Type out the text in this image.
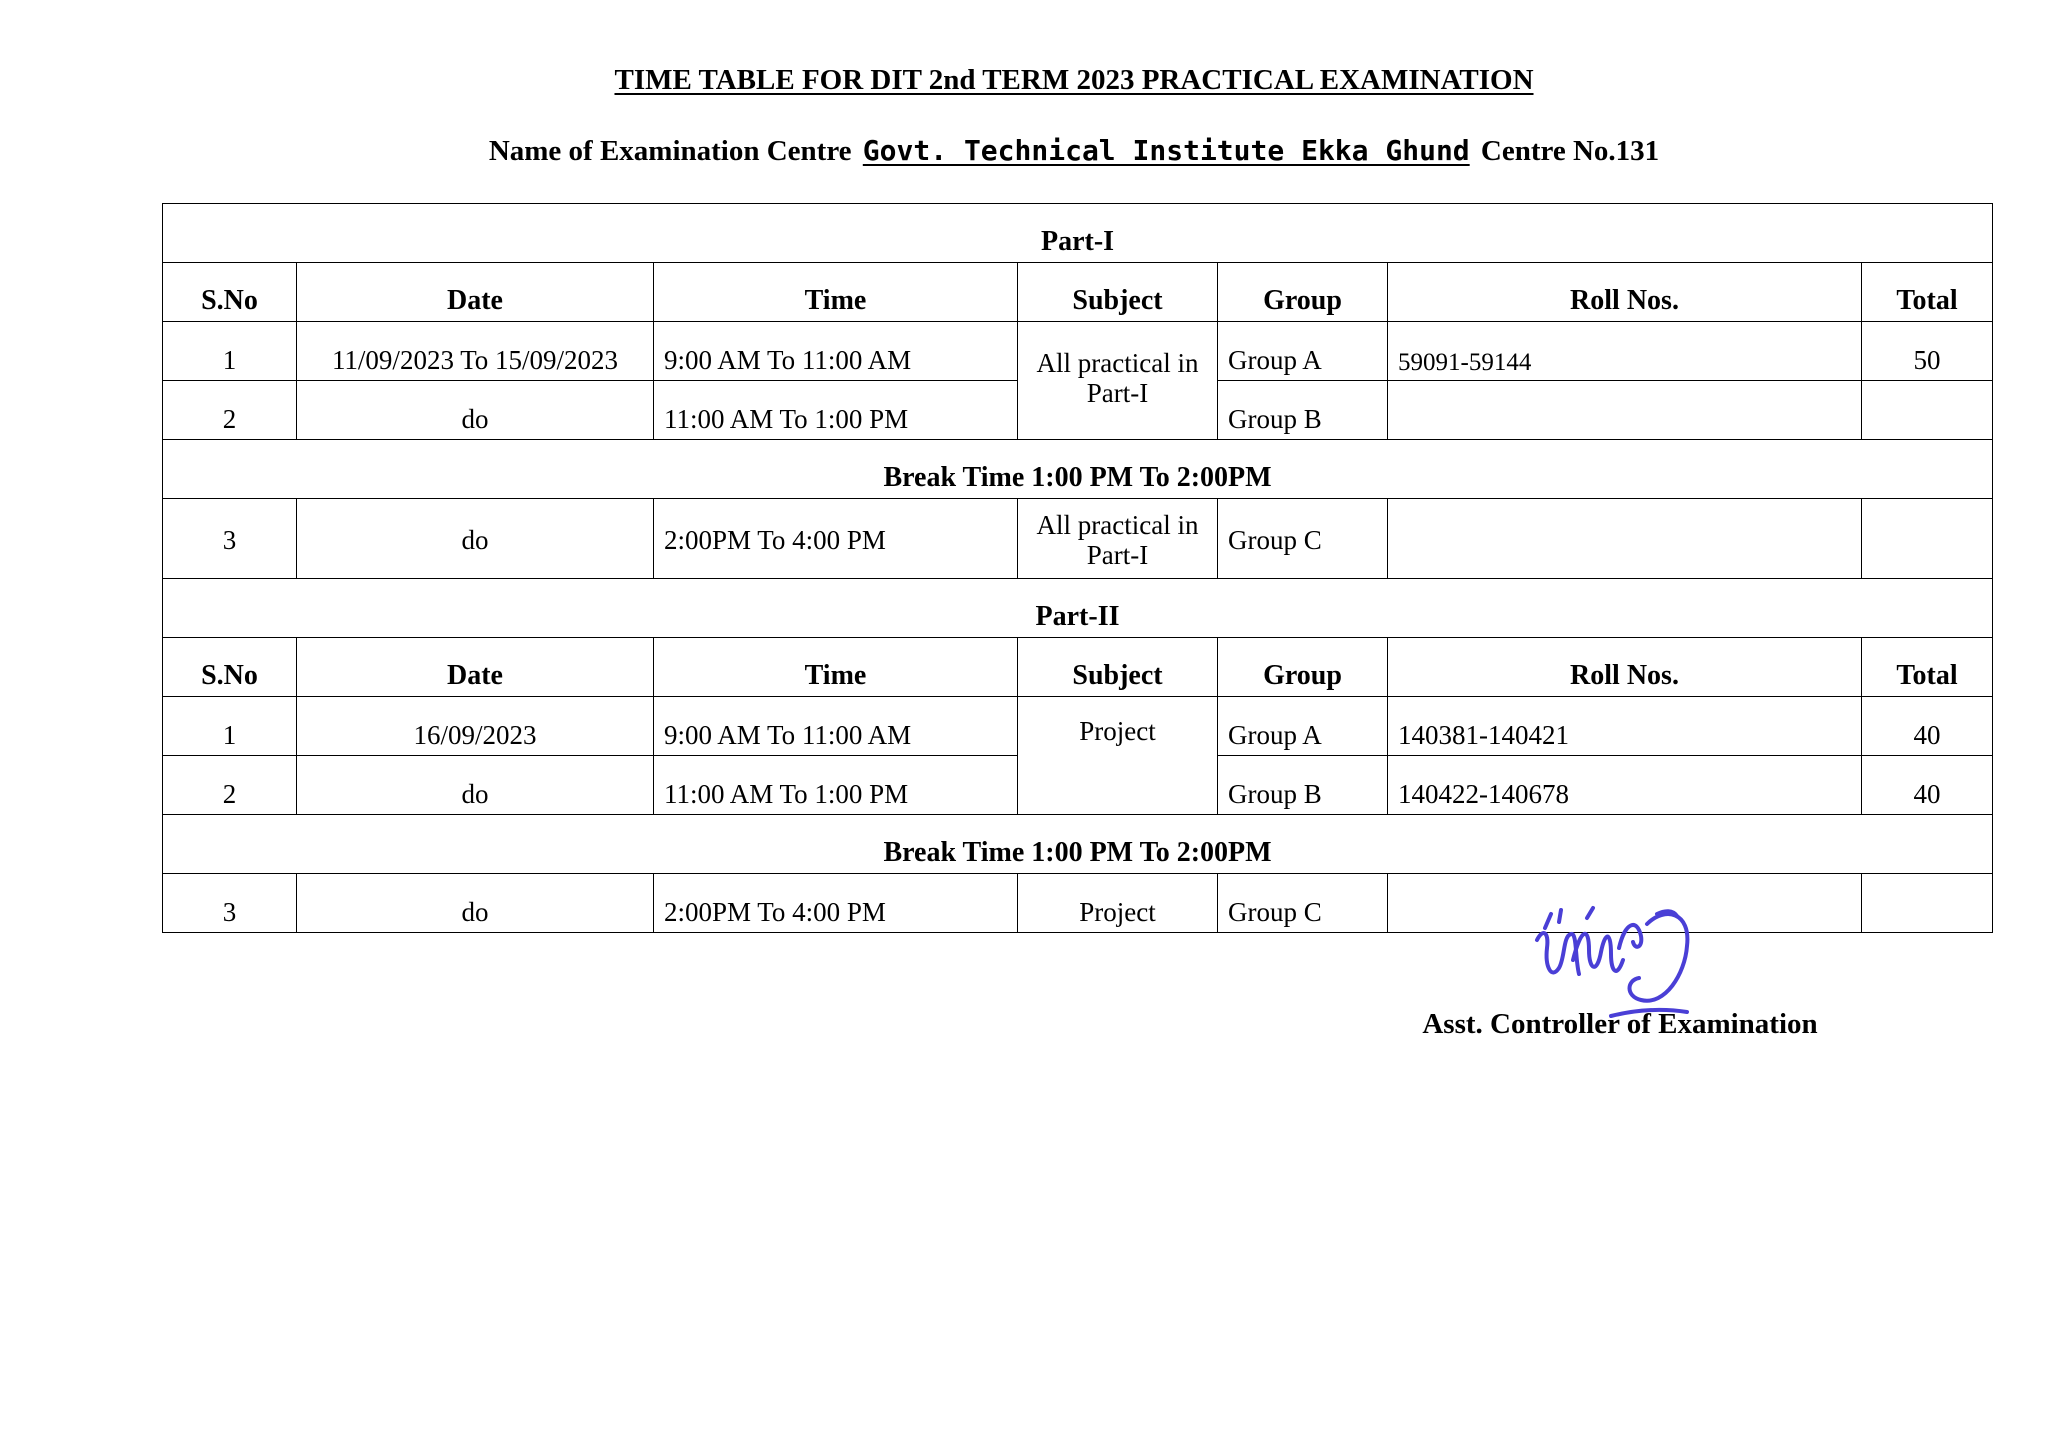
TIME TABLE FOR DIT 2nd TERM 2023 PRACTICAL EXAMINATION
Name of Examination Centre Govt. Technical Institute Ekka Ghund Centre No.131
Part-I						
S.No	Date	Time	Subject	Group	Roll Nos.	Total
1	11/09/2023 To 15/09/2023	9:00 AM To 11:00 AM	All practical in Part-I	Group A	59091-59144	50
2	do	11:00 AM To 1:00 PM		Group B		
Break Time 1:00 PM To 2:00PM						
3	do	2:00PM To 4:00 PM	All practical in Part-I	Group C		
Part-II						
S.No	Date	Time	Subject	Group	Roll Nos.	Total
1	16/09/2023	9:00 AM To 11:00 AM	Project	Group A	140381-140421	40
2	do	11:00 AM To 1:00 PM		Group B	140422-140678	40
Break Time 1:00 PM To 2:00PM						
3	do	2:00PM To 4:00 PM	Project	Group C		
Asst. Controller of Examination
